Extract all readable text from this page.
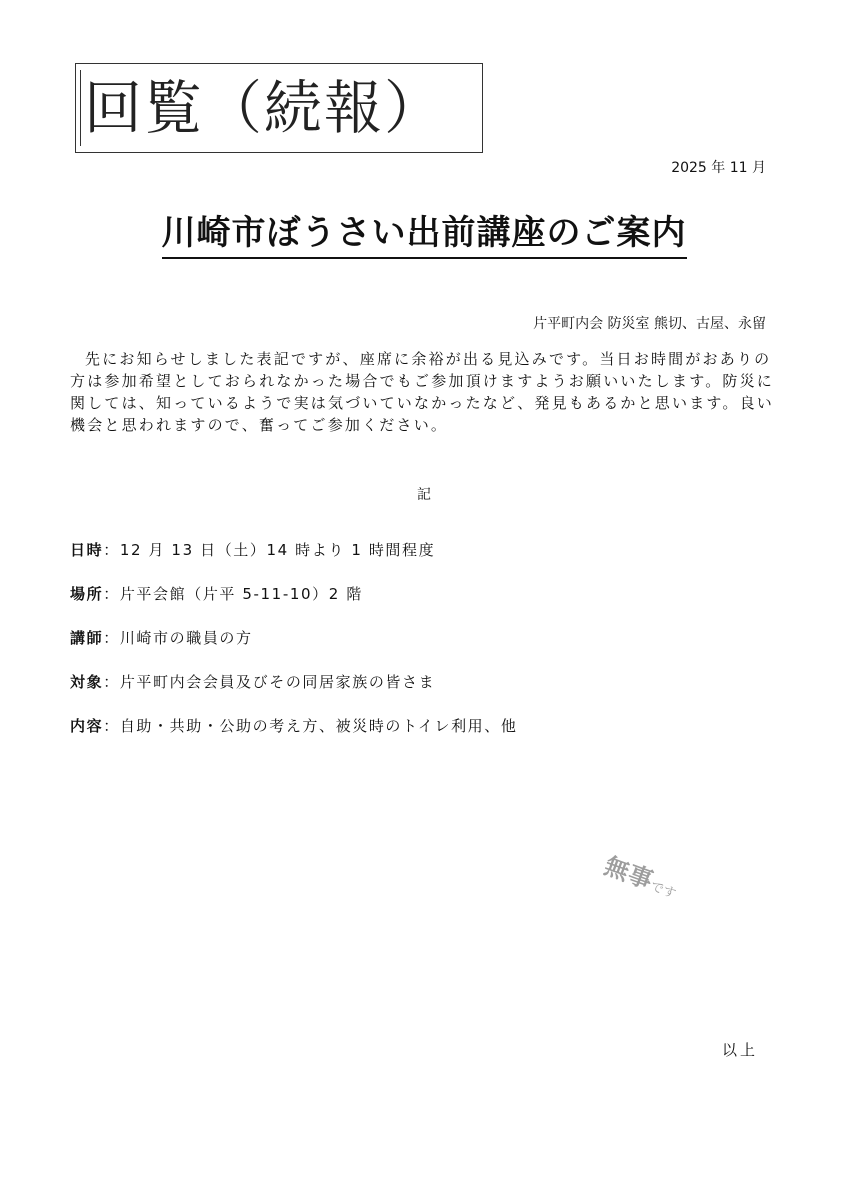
回覧（続報）
2025 年 11 月
川崎市ぼうさい出前講座のご案内
片平町内会 防災室 熊切、古屋、永留

先にお知らせしました表記ですが、座席に余裕が出る見込みです。当日お時間がおありの方は参加希望としておられなかった場合でもご参加頂けますようお願いいたします。防災に関しては、知っているようで実は気づいていなかったなど、発見もあるかと思います。良い機会と思われますので、奮ってご参加ください。

記
日時：12 月 13 日（土）14 時より 1 時間程度
場所：片平会館（片平 5-11-10）2 階
講師：川崎市の職員の方
対象：片平町内会会員及びその同居家族の皆さま
内容：自助・共助・公助の考え方、被災時のトイレ利用、他
無事です
以上
